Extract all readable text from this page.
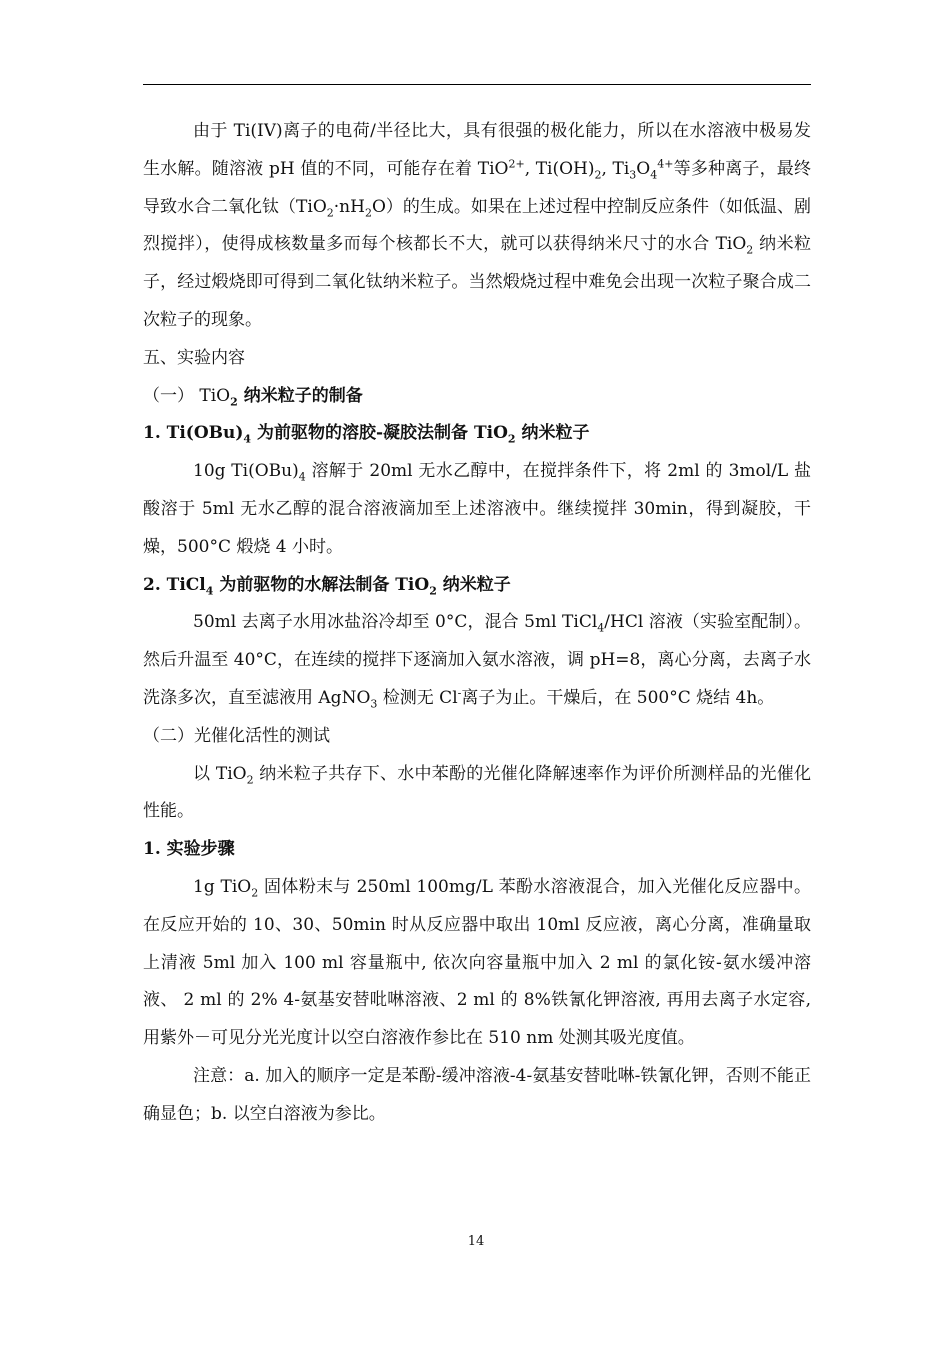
由于 Ti(IV)离子的电荷/半径比大，具有很强的极化能力，所以在水溶液中极易发生水解。随溶液 pH 值的不同，可能存在着 TiO$^{2+}$, $Ti(OH)_2$, $Ti_3O_4^{4+}$等多种离子，最终导致水合二氧化钛$(TiO_2\cdot nH_2O)$的生成。如果在上述过程中控制反应条件（如低温、剧烈搅拌），使得成核数量多而每个核都长不大，就可以获得纳米尺寸的水合 TiO$_2$ 纳米粒子，经过煅烧即可得到二氧化钛纳米粒子。当然煅烧过程中难免会出现一次粒子聚合成二次粒子的现象。

五、实验内容
（一） TiO$_2$ 纳米粒子的制备
1. $Ti(OBu)_4$ 为前驱物的溶胶-凝胶法制备 TiO$_2$ 纳米粒子

10g $Ti(OBu)_4$ 溶解于 20ml 无水乙醇中，在搅拌条件下，将 2ml 的 3mol/L 盐酸溶于 5ml 无水乙醇的混合溶液滴加至上述溶液中。继续搅拌 30min，得到凝胶，干燥，500°C 煅烧 4 小时。

2. TiCl$_4$ 为前驱物的水解法制备 TiO$_2$ 纳米粒子

50ml 去离子水用冰盐浴冷却至 0°C，混合 5ml TiCl$_4$/HCl 溶液（实验室配制）。然后升温至 40°C，在连续的搅拌下逐滴加入氨水溶液，调 pH=8，离心分离，去离子水洗涤多次，直至滤液用 AgNO$_3$ 检测无 Cl-离子为止。干燥后，在 500°C 烧结 4h。

（二）光催化活性的测试

以 TiO$_2$ 纳米粒子共存下、水中苯酚的光催化降解速率作为评价所测样品的光催化性能。

1. 实验步骤

1g TiO$_2$ 固体粉末与 250ml 100mg/L 苯酚水溶液混合，加入光催化反应器中。在反应开始的 10、30、50min 时从反应器中取出 10ml 反应液，离心分离，准确量取上清液 5ml 加入 100 ml 容量瓶中, 依次向容量瓶中加入 2 ml 的氯化铵-氨水缓冲溶液、 2 ml 的 2% 4-氨基安替吡啉溶液、2 ml 的 8%铁氰化钾溶液, 再用去离子水定容, 用紫外－可见分光光度计以空白溶液作参比在 510 nm 处测其吸光度值。

注意：a. 加入的顺序一定是苯酚-缓冲溶液-4-氨基安替吡啉-铁氰化钾，否则不能正确显色；b. 以空白溶液为参比。

14
